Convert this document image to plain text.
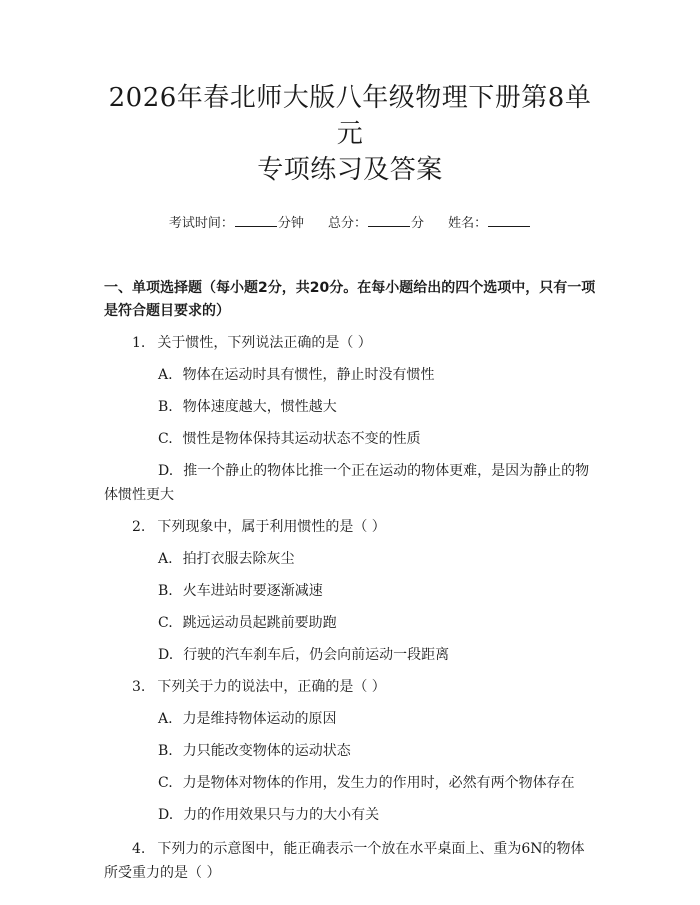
2026年春北师大版八年级物理下册第8单元
专项练习及答案
考试时间：	分钟 总分：	分 姓名：
一、单项选择题（每小题2分，共20分。在每小题给出的四个选项中，只有一项是符合题目要求的）
1. 关于惯性，下列说法正确的是（ ）
A. 物体在运动时具有惯性，静止时没有惯性
B. 物体速度越大，惯性越大
C. 惯性是物体保持其运动状态不变的性质
D. 推一个静止的物体比推一个正在运动的物体更难，是因为静止的物体惯性更大
2. 下列现象中，属于利用惯性的是（ ）
A. 拍打衣服去除灰尘
B. 火车进站时要逐渐减速
C. 跳远运动员起跳前要助跑
D. 行驶的汽车刹车后，仍会向前运动一段距离
3. 下列关于力的说法中，正确的是（ ）
A. 力是维持物体运动的原因
B. 力只能改变物体的运动状态
C. 力是物体对物体的作用，发生力的作用时，必然有两个物体存在
D. 力的作用效果只与力的大小有关
4. 下列力的示意图中，能正确表示一个放在水平桌面上、重为6N的物体所受重力的是（ ）
